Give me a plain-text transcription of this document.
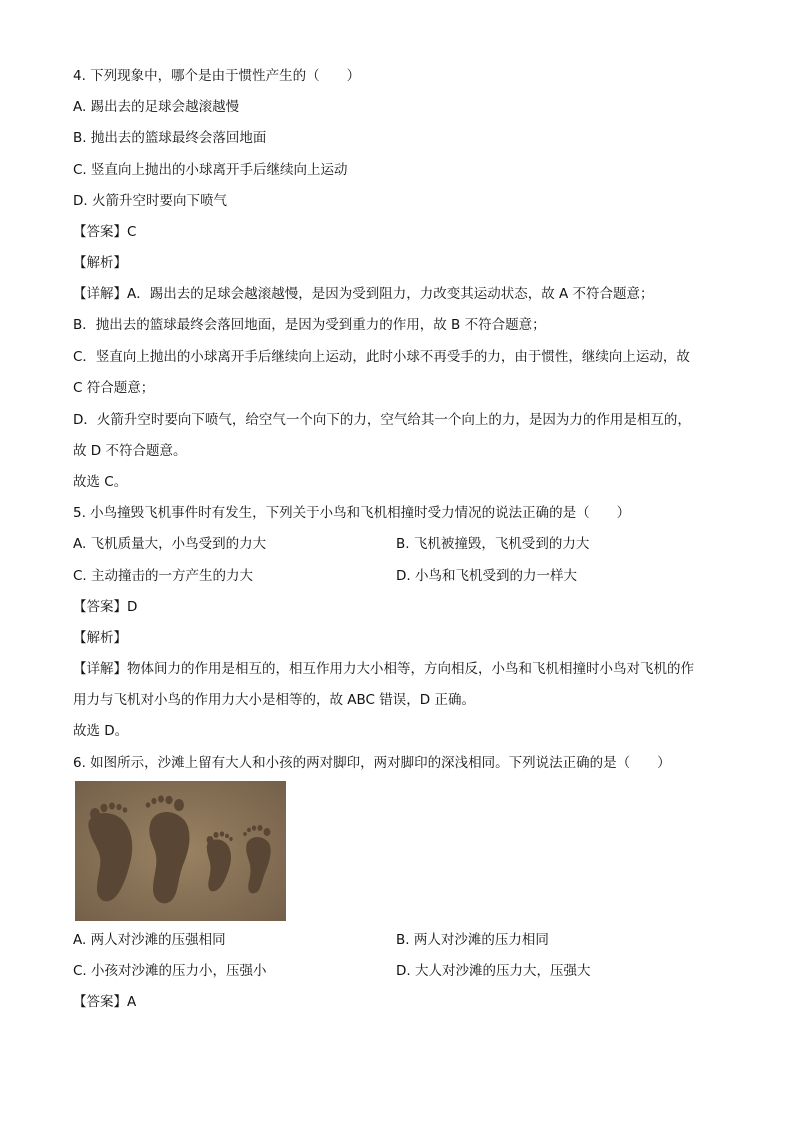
4. 下列现象中，哪个是由于惯性产生的（　　）
A. 踢出去的足球会越滚越慢
B. 抛出去的篮球最终会落回地面
C. 竖直向上抛出的小球离开手后继续向上运动
D. 火箭升空时要向下喷气
【答案】C
【解析】
【详解】A．踢出去的足球会越滚越慢，是因为受到阻力，力改变其运动状态，故 A 不符合题意；
B．抛出去的篮球最终会落回地面，是因为受到重力的作用，故 B 不符合题意；
C．竖直向上抛出的小球离开手后继续向上运动，此时小球不再受手的力，由于惯性，继续向上运动，故
C 符合题意；
D．火箭升空时要向下喷气，给空气一个向下的力，空气给其一个向上的力，是因为力的作用是相互的，
故 D 不符合题意。
故选 C。
5. 小鸟撞毁飞机事件时有发生，下列关于小鸟和飞机相撞时受力情况的说法正确的是（　　）
A. 飞机质量大，小鸟受到的力大	B. 飞机被撞毁，飞机受到的力大
C. 主动撞击的一方产生的力大	D. 小鸟和飞机受到的力一样大
【答案】D
【解析】
【详解】物体间力的作用是相互的，相互作用力大小相等，方向相反，小鸟和飞机相撞时小鸟对飞机的作
用力与飞机对小鸟的作用力大小是相等的，故 ABC 错误，D 正确。
故选 D。
6. 如图所示，沙滩上留有大人和小孩的两对脚印，两对脚印的深浅相同。下列说法正确的是（　　）
A. 两人对沙滩的压强相同	B. 两人对沙滩的压力相同
C. 小孩对沙滩的压力小，压强小	D. 大人对沙滩的压力大，压强大
【答案】A
